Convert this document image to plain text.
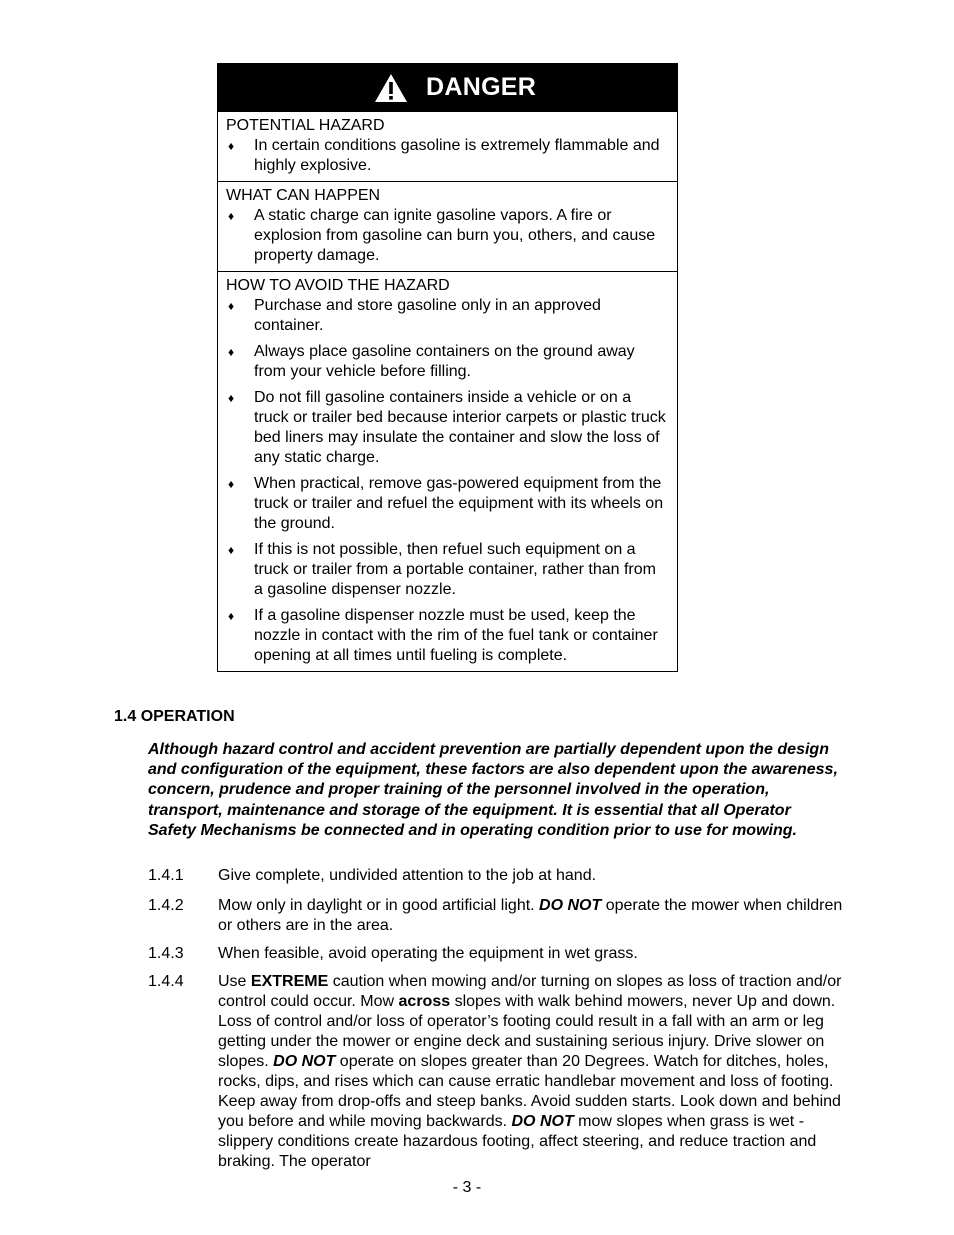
DANGER
POTENTIAL HAZARD
♦	In certain conditions gasoline is extremely flammable and highly explosive.
WHAT CAN HAPPEN
♦	A static charge can ignite gasoline vapors. A fire or explosion from gasoline can burn you, others, and cause property damage.
HOW TO AVOID THE HAZARD
♦	Purchase and store gasoline only in an approved container.
♦	Always place gasoline containers on the ground away from your vehicle before filling.
♦	Do not fill gasoline containers inside a vehicle or on a truck or trailer bed because interior carpets or plastic truck bed liners may insulate the container and slow the loss of any static charge.
♦	When practical, remove gas-powered equipment from the truck or trailer and refuel the equipment with its wheels on the ground.
♦	If this is not possible, then refuel such equipment on a truck or trailer from a portable container, rather than from a gasoline dispenser nozzle.
♦	If a gasoline dispenser nozzle must be used, keep the nozzle in contact with the rim of the fuel tank or container opening at all times until fueling is complete.
1.4 OPERATION
Although hazard control and accident prevention are partially dependent upon the design and configuration of the equipment, these factors are also dependent upon the awareness, concern, prudence and proper training of the personnel involved in the operation, transport, maintenance and storage of the equipment. It is essential that all Operator Safety Mechanisms be connected and in operating condition prior to use for mowing.
1.4.1	Give complete, undivided attention to the job at hand.
1.4.2	Mow only in daylight or in good artificial light. DO NOT operate the mower when children or others are in the area.
1.4.3	When feasible, avoid operating the equipment in wet grass.
1.4.4	Use EXTREME caution when mowing and/or turning on slopes as loss of traction and/or control could occur. Mow across slopes with walk behind mowers, never Up and down. Loss of control and/or loss of operator’s footing could result in a fall with an arm or leg getting under the mower or engine deck and sustaining serious injury. Drive slower on slopes. DO NOT operate on slopes greater than 20 Degrees. Watch for ditches, holes, rocks, dips, and rises which can cause erratic handlebar movement and loss of footing. Keep away from drop-offs and steep banks. Avoid sudden starts. Look down and behind you before and while moving backwards. DO NOT mow slopes when grass is wet - slippery conditions create hazardous footing, affect steering, and reduce traction and braking. The operator
- 3 -
